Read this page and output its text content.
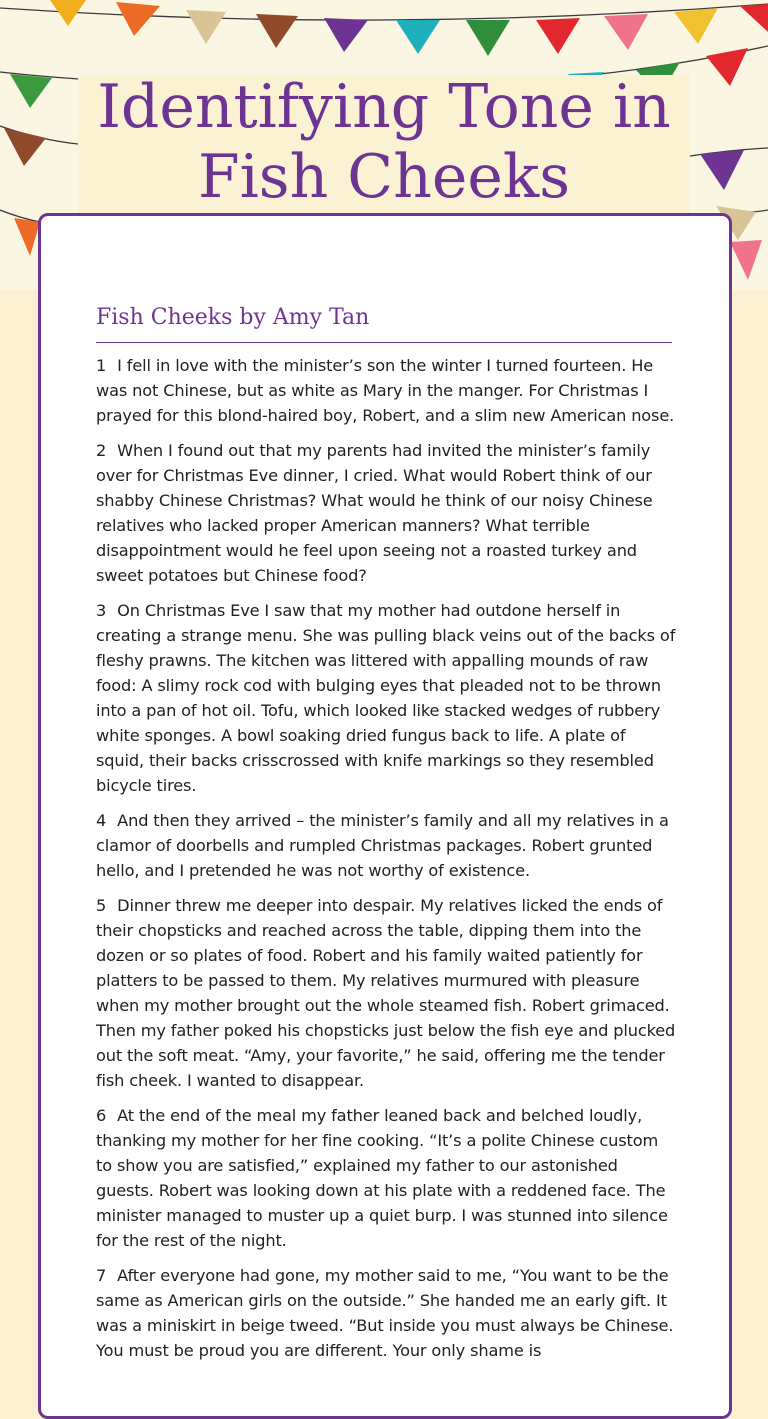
Identifying Tone in Fish Cheeks
Fish Cheeks by Amy Tan

1 I fell in love with the minister’s son the winter I turned fourteen. He was not Chinese, but as white as Mary in the manger. For Christmas I prayed for this blond-haired boy, Robert, and a slim new American nose.

2 When I found out that my parents had invited the minister’s family over for Christmas Eve dinner, I cried. What would Robert think of our shabby Chinese Christmas? What would he think of our noisy Chinese relatives who lacked proper American manners? What terrible disappointment would he feel upon seeing not a roasted turkey and sweet potatoes but Chinese food?

3 On Christmas Eve I saw that my mother had outdone herself in creating a strange menu. She was pulling black veins out of the backs of fleshy prawns. The kitchen was littered with appalling mounds of raw food: A slimy rock cod with bulging eyes that pleaded not to be thrown into a pan of hot oil. Tofu, which looked like stacked wedges of rubbery white sponges. A bowl soaking dried fungus back to life. A plate of squid, their backs crisscrossed with knife markings so they resembled bicycle tires.

4 And then they arrived – the minister’s family and all my relatives in a clamor of doorbells and rumpled Christmas packages. Robert grunted hello, and I pretended he was not worthy of existence.

5 Dinner threw me deeper into despair. My relatives licked the ends of their chopsticks and reached across the table, dipping them into the dozen or so plates of food. Robert and his family waited patiently for platters to be passed to them. My relatives murmured with pleasure when my mother brought out the whole steamed fish. Robert grimaced. Then my father poked his chopsticks just below the fish eye and plucked out the soft meat. “Amy, your favorite,” he said, offering me the tender fish cheek. I wanted to disappear.

6 At the end of the meal my father leaned back and belched loudly, thanking my mother for her fine cooking. “It’s a polite Chinese custom to show you are satisfied,” explained my father to our astonished guests. Robert was looking down at his plate with a reddened face. The minister managed to muster up a quiet burp. I was stunned into silence for the rest of the night.

7 After everyone had gone, my mother said to me, “You want to be the same as American girls on the outside.” She handed me an early gift. It was a miniskirt in beige tweed. “But inside you must always be Chinese. You must be proud you are different. Your only shame is
